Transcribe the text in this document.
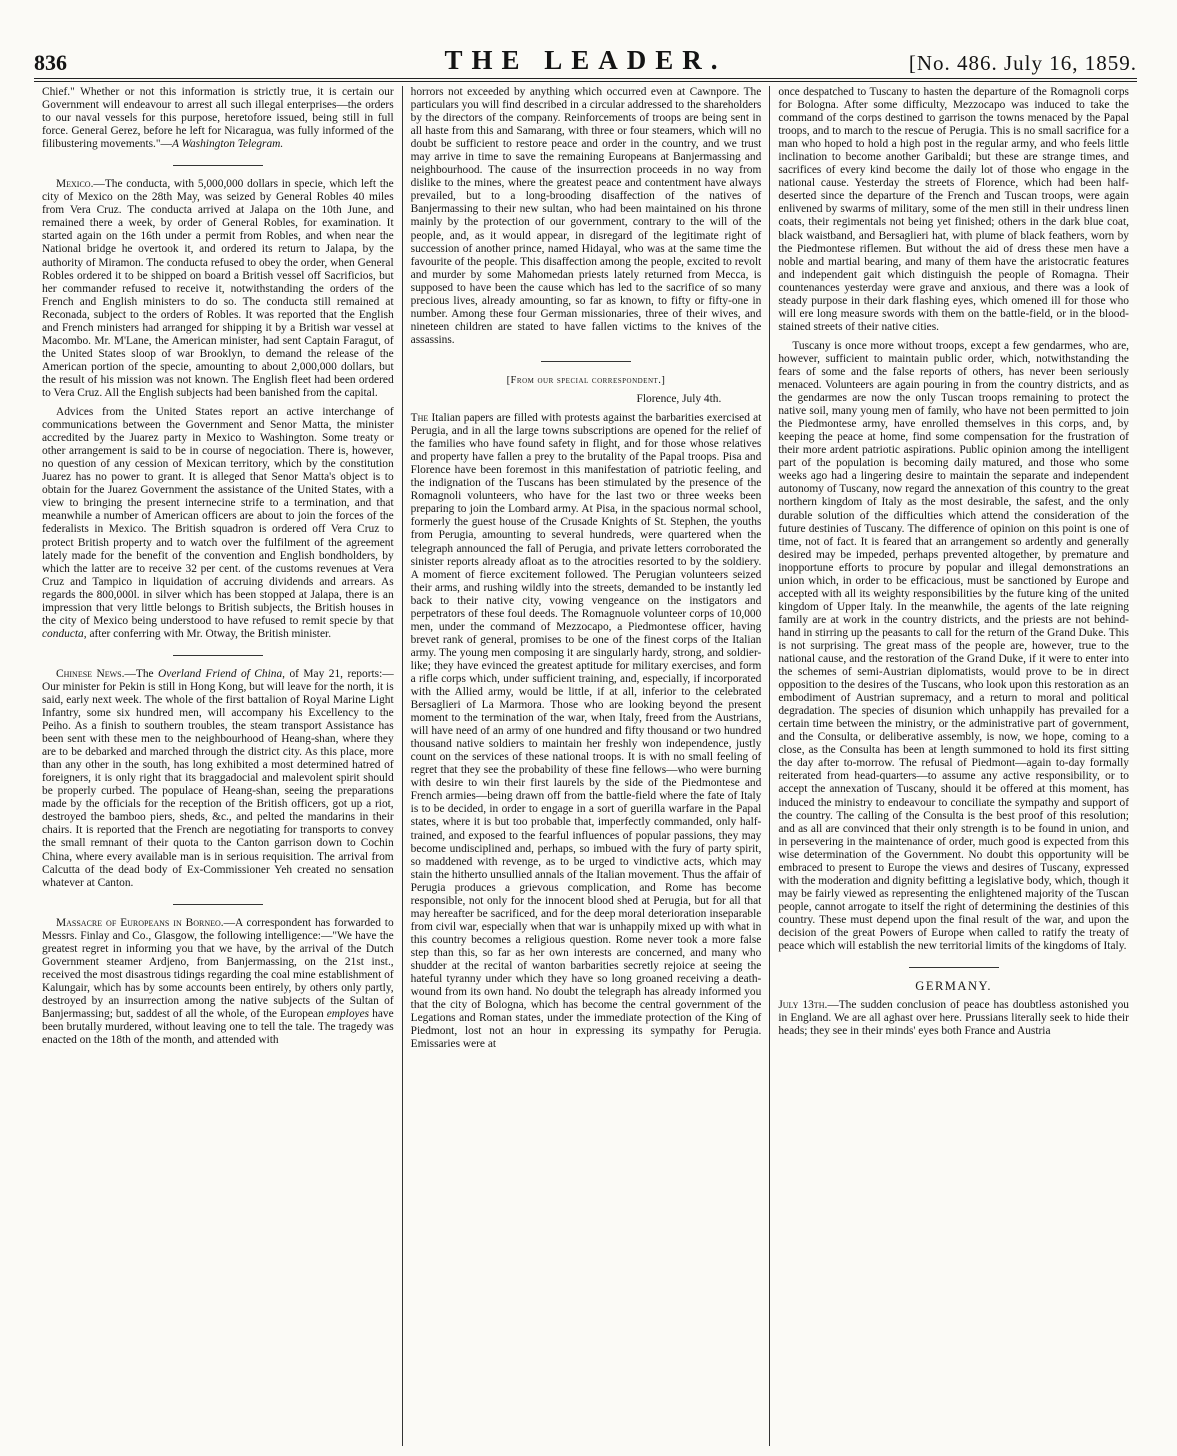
836	THE LEADER.	[No. 486. July 16, 1859.

Chief." Whether or not this information is strictly true, it is certain our Government will endeavour to arrest all such illegal enterprises—the orders to our naval vessels for this purpose, heretofore issued, being still in full force. General Gerez, before he left for Nicaragua, was fully informed of the filibustering movements."—A Washington Telegram.

Mexico.—The conducta, with 5,000,000 dollars in specie, which left the city of Mexico on the 28th May, was seized by General Robles 40 miles from Vera Cruz. The conducta arrived at Jalapa on the 10th June, and remained there a week, by order of General Robles, for examination. It started again on the 16th under a permit from Robles, and when near the National bridge he overtook it, and ordered its return to Jalapa, by the authority of Miramon. The conducta refused to obey the order, when General Robles ordered it to be shipped on board a British vessel off Sacrificios, but her commander refused to receive it, notwithstanding the orders of the French and English ministers to do so. The conducta still remained at Reconada, subject to the orders of Robles. It was reported that the English and French ministers had arranged for shipping it by a British war vessel at Macombo. Mr. M'Lane, the American minister, had sent Captain Faragut, of the United States sloop of war Brooklyn, to demand the release of the American portion of the specie, amounting to about 2,000,000 dollars, but the result of his mission was not known. The English fleet had been ordered to Vera Cruz. All the English subjects had been banished from the capital.

Advices from the United States report an active interchange of communications between the Government and Senor Matta, the minister accredited by the Juarez party in Mexico to Washington. Some treaty or other arrangement is said to be in course of negociation. There is, however, no question of any cession of Mexican territory, which by the constitution Juarez has no power to grant. It is alleged that Senor Matta's object is to obtain for the Juarez Government the assistance of the United States, with a view to bringing the present internecine strife to a termination, and that meanwhile a number of American officers are about to join the forces of the federalists in Mexico. The British squadron is ordered off Vera Cruz to protect British property and to watch over the fulfilment of the agreement lately made for the benefit of the convention and English bondholders, by which the latter are to receive 32 per cent. of the customs revenues at Vera Cruz and Tampico in liquidation of accruing dividends and arrears. As regards the 800,000l. in silver which has been stopped at Jalapa, there is an impression that very little belongs to British subjects, the British houses in the city of Mexico being understood to have refused to remit specie by that conducta, after conferring with Mr. Otway, the British minister.

Chinese News.—The Overland Friend of China, of May 21, reports:—Our minister for Pekin is still in Hong Kong, but will leave for the north, it is said, early next week. The whole of the first battalion of Royal Marine Light Infantry, some six hundred men, will accompany his Excellency to the Peiho. As a finish to southern troubles, the steam transport Assistance has been sent with these men to the neighbourhood of Heang-shan, where they are to be debarked and marched through the district city. As this place, more than any other in the south, has long exhibited a most determined hatred of foreigners, it is only right that its braggadocial and malevolent spirit should be properly curbed. The populace of Heang-shan, seeing the preparations made by the officials for the reception of the British officers, got up a riot, destroyed the bamboo piers, sheds, &c., and pelted the mandarins in their chairs. It is reported that the French are negotiating for transports to convey the small remnant of their quota to the Canton garrison down to Cochin China, where every available man is in serious requisition. The arrival from Calcutta of the dead body of Ex-Commissioner Yeh created no sensation whatever at Canton.

Massacre of Europeans in Borneo.—A correspondent has forwarded to Messrs. Finlay and Co., Glasgow, the following intelligence:—"We have the greatest regret in informing you that we have, by the arrival of the Dutch Government steamer Ardjeno, from Banjermassing, on the 21st inst., received the most disastrous tidings regarding the coal mine establishment of Kalungair, which has by some accounts been entirely, by others only partly, destroyed by an insurrection among the native subjects of the Sultan of Banjermassing; but, saddest of all the whole, of the European employes have been brutally murdered, without leaving one to tell the tale. The tragedy was enacted on the 18th of the month, and attended with

horrors not exceeded by anything which occurred even at Cawnpore. The particulars you will find described in a circular addressed to the shareholders by the directors of the company. Reinforcements of troops are being sent in all haste from this and Samarang, with three or four steamers, which will no doubt be sufficient to restore peace and order in the country, and we trust may arrive in time to save the remaining Europeans at Banjermassing and neighbourhood. The cause of the insurrection proceeds in no way from dislike to the mines, where the greatest peace and contentment have always prevailed, but to a long-brooding disaffection of the natives of Banjermassing to their new sultan, who had been maintained on his throne mainly by the protection of our government, contrary to the will of the people, and, as it would appear, in disregard of the legitimate right of succession of another prince, named Hidayal, who was at the same time the favourite of the people. This disaffection among the people, excited to revolt and murder by some Mahomedan priests lately returned from Mecca, is supposed to have been the cause which has led to the sacrifice of so many precious lives, already amounting, so far as known, to fifty or fifty-one in number. Among these four German missionaries, three of their wives, and nineteen children are stated to have fallen victims to the knives of the assassins.

[From our special correspondent.]

Florence, July 4th.

The Italian papers are filled with protests against the barbarities exercised at Perugia, and in all the large towns subscriptions are opened for the relief of the families who have found safety in flight, and for those whose relatives and property have fallen a prey to the brutality of the Papal troops. Pisa and Florence have been foremost in this manifestation of patriotic feeling, and the indignation of the Tuscans has been stimulated by the presence of the Romagnoli volunteers, who have for the last two or three weeks been preparing to join the Lombard army. At Pisa, in the spacious normal school, formerly the guest house of the Crusade Knights of St. Stephen, the youths from Perugia, amounting to several hundreds, were quartered when the telegraph announced the fall of Perugia, and private letters corroborated the sinister reports already afloat as to the atrocities resorted to by the soldiery. A moment of fierce excitement followed. The Perugian volunteers seized their arms, and rushing wildly into the streets, demanded to be instantly led back to their native city, vowing vengeance on the instigators and perpetrators of these foul deeds. The Romagnuole volunteer corps of 10,000 men, under the command of Mezzocapo, a Piedmontese officer, having brevet rank of general, promises to be one of the finest corps of the Italian army. The young men composing it are singularly hardy, strong, and soldier-like; they have evinced the greatest aptitude for military exercises, and form a rifle corps which, under sufficient training, and, especially, if incorporated with the Allied army, would be little, if at all, inferior to the celebrated Bersaglieri of La Marmora. Those who are looking beyond the present moment to the termination of the war, when Italy, freed from the Austrians, will have need of an army of one hundred and fifty thousand or two hundred thousand native soldiers to maintain her freshly won independence, justly count on the services of these national troops. It is with no small feeling of regret that they see the probability of these fine fellows—who were burning with desire to win their first laurels by the side of the Piedmontese and French armies—being drawn off from the battle-field where the fate of Italy is to be decided, in order to engage in a sort of guerilla warfare in the Papal states, where it is but too probable that, imperfectly commanded, only half-trained, and exposed to the fearful influences of popular passions, they may become undisciplined and, perhaps, so imbued with the fury of party spirit, so maddened with revenge, as to be urged to vindictive acts, which may stain the hitherto unsullied annals of the Italian movement. Thus the affair of Perugia produces a grievous complication, and Rome has become responsible, not only for the innocent blood shed at Perugia, but for all that may hereafter be sacrificed, and for the deep moral deterioration inseparable from civil war, especially when that war is unhappily mixed up with what in this country becomes a religious question. Rome never took a more false step than this, so far as her own interests are concerned, and many who shudder at the recital of wanton barbarities secretly rejoice at seeing the hateful tyranny under which they have so long groaned receiving a death-wound from its own hand. No doubt the telegraph has already informed you that the city of Bologna, which has become the central government of the Legations and Roman states, under the immediate protection of the King of Piedmont, lost not an hour in expressing its sympathy for Perugia. Emissaries were at

once despatched to Tuscany to hasten the departure of the Romagnoli corps for Bologna. After some difficulty, Mezzocapo was induced to take the command of the corps destined to garrison the towns menaced by the Papal troops, and to march to the rescue of Perugia. This is no small sacrifice for a man who hoped to hold a high post in the regular army, and who feels little inclination to become another Garibaldi; but these are strange times, and sacrifices of every kind become the daily lot of those who engage in the national cause. Yesterday the streets of Florence, which had been half-deserted since the departure of the French and Tuscan troops, were again enlivened by swarms of military, some of the men still in their undress linen coats, their regimentals not being yet finished; others in the dark blue coat, black waistband, and Bersaglieri hat, with plume of black feathers, worn by the Piedmontese riflemen. But without the aid of dress these men have a noble and martial bearing, and many of them have the aristocratic features and independent gait which distinguish the people of Romagna. Their countenances yesterday were grave and anxious, and there was a look of steady purpose in their dark flashing eyes, which omened ill for those who will ere long measure swords with them on the battle-field, or in the blood-stained streets of their native cities.

Tuscany is once more without troops, except a few gendarmes, who are, however, sufficient to maintain public order, which, notwithstanding the fears of some and the false reports of others, has never been seriously menaced. Volunteers are again pouring in from the country districts, and as the gendarmes are now the only Tuscan troops remaining to protect the native soil, many young men of family, who have not been permitted to join the Piedmontese army, have enrolled themselves in this corps, and, by keeping the peace at home, find some compensation for the frustration of their more ardent patriotic aspirations. Public opinion among the intelligent part of the population is becoming daily matured, and those who some weeks ago had a lingering desire to maintain the separate and independent autonomy of Tuscany, now regard the annexation of this country to the great northern kingdom of Italy as the most desirable, the safest, and the only durable solution of the difficulties which attend the consideration of the future destinies of Tuscany. The difference of opinion on this point is one of time, not of fact. It is feared that an arrangement so ardently and generally desired may be impeded, perhaps prevented altogether, by premature and inopportune efforts to procure by popular and illegal demonstrations an union which, in order to be efficacious, must be sanctioned by Europe and accepted with all its weighty responsibilities by the future king of the united kingdom of Upper Italy. In the meanwhile, the agents of the late reigning family are at work in the country districts, and the priests are not behind-hand in stirring up the peasants to call for the return of the Grand Duke. This is not surprising. The great mass of the people are, however, true to the national cause, and the restoration of the Grand Duke, if it were to enter into the schemes of semi-Austrian diplomatists, would prove to be in direct opposition to the desires of the Tuscans, who look upon this restoration as an embodiment of Austrian supremacy, and a return to moral and political degradation. The species of disunion which unhappily has prevailed for a certain time between the ministry, or the administrative part of government, and the Consulta, or deliberative assembly, is now, we hope, coming to a close, as the Consulta has been at length summoned to hold its first sitting the day after to-morrow. The refusal of Piedmont—again to-day formally reiterated from head-quarters—to assume any active responsibility, or to accept the annexation of Tuscany, should it be offered at this moment, has induced the ministry to endeavour to conciliate the sympathy and support of the country. The calling of the Consulta is the best proof of this resolution; and as all are convinced that their only strength is to be found in union, and in persevering in the maintenance of order, much good is expected from this wise determination of the Government. No doubt this opportunity will be embraced to present to Europe the views and desires of Tuscany, expressed with the moderation and dignity befitting a legislative body, which, though it may be fairly viewed as representing the enlightened majority of the Tuscan people, cannot arrogate to itself the right of determining the destinies of this country. These must depend upon the final result of the war, and upon the decision of the great Powers of Europe when called to ratify the treaty of peace which will establish the new territorial limits of the kingdoms of Italy.

GERMANY.

July 13th.—The sudden conclusion of peace has doubtless astonished you in England. We are all aghast over here. Prussians literally seek to hide their heads; they see in their minds' eyes both France and Austria
